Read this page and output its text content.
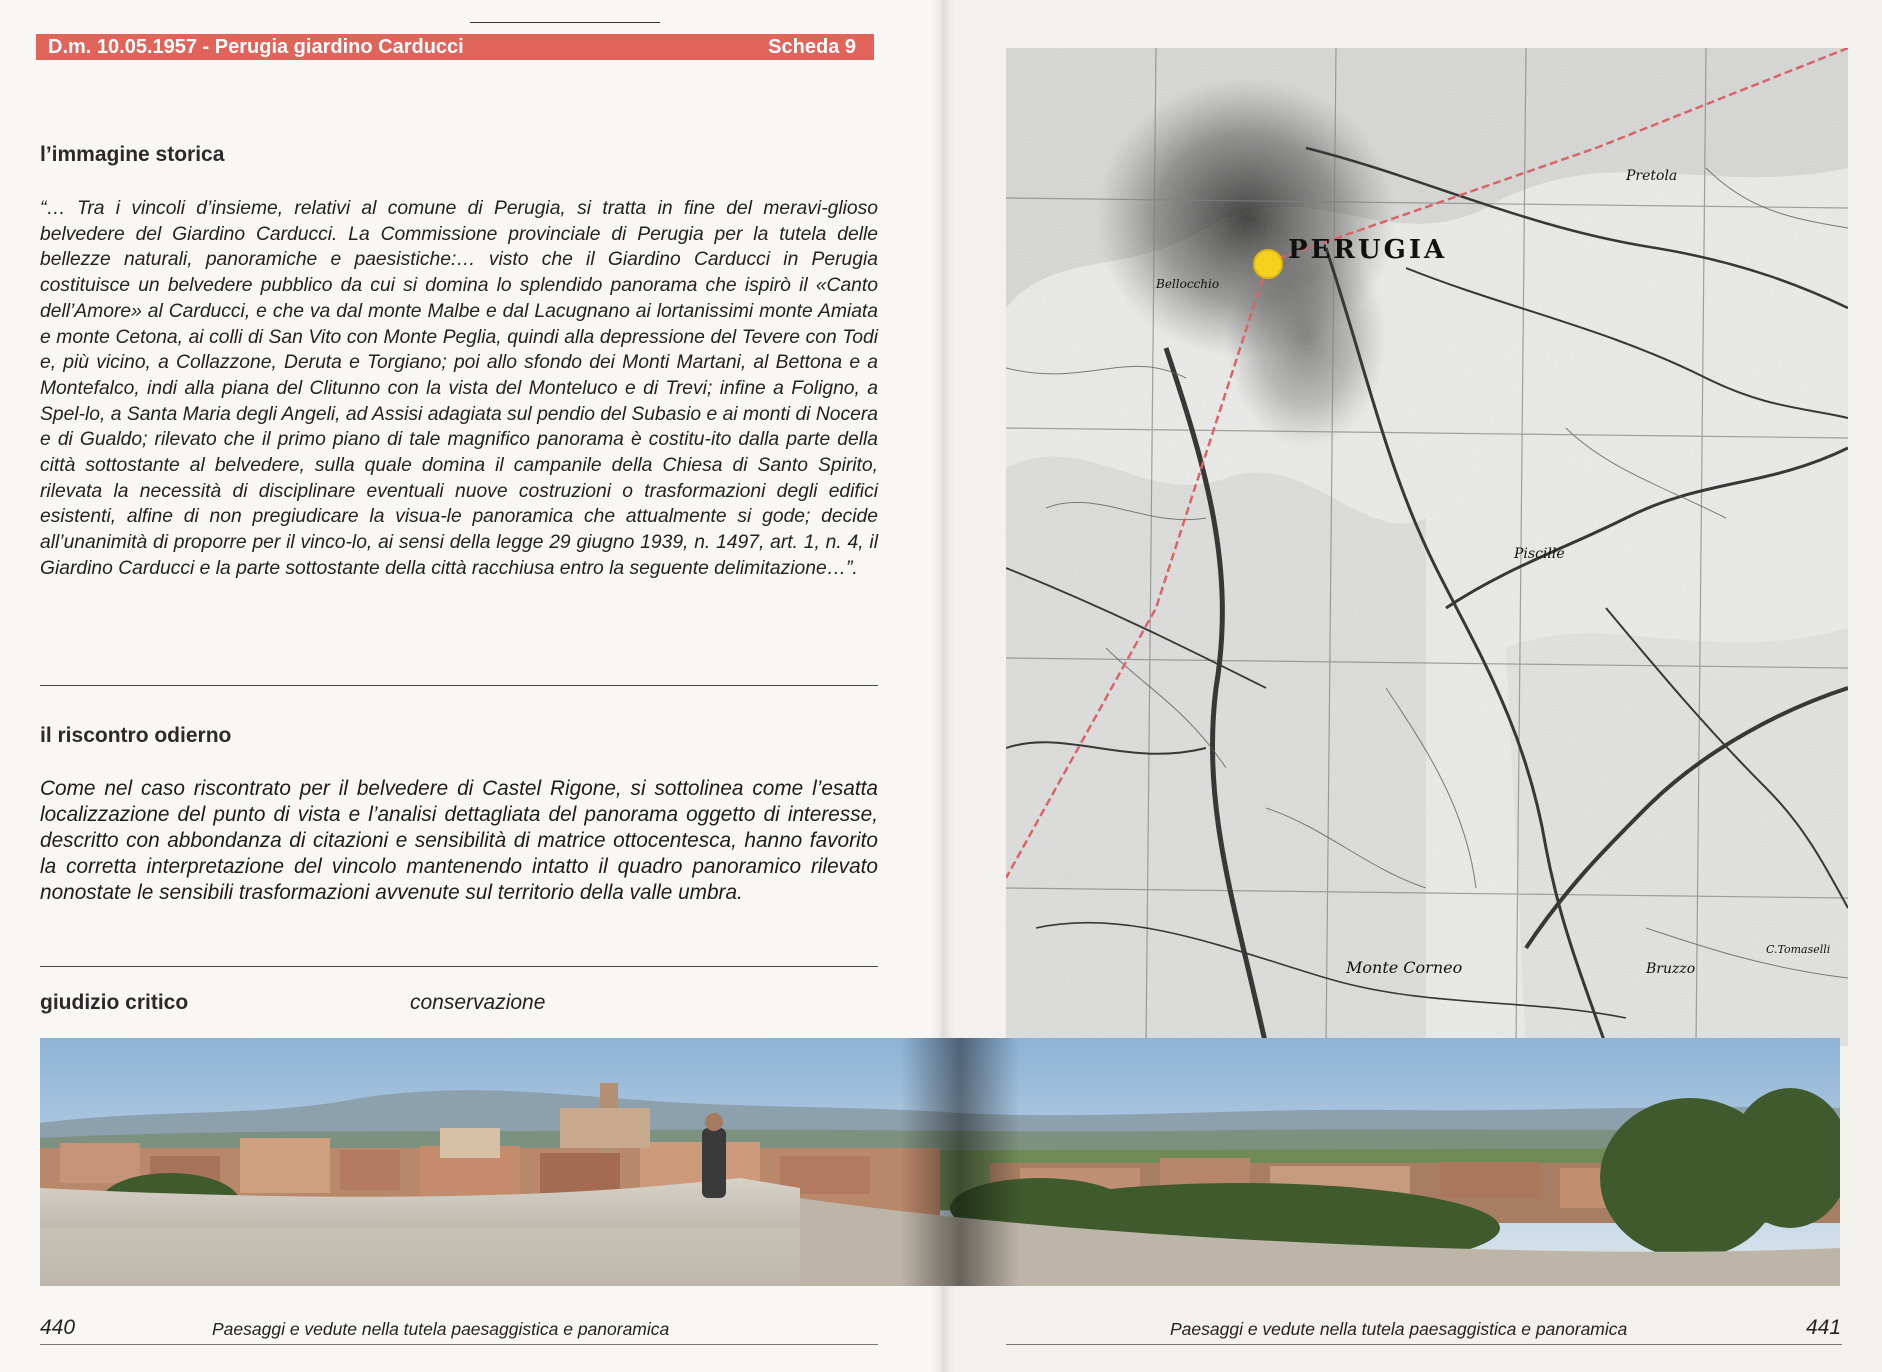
D.m. 10.05.1957 - Perugia giardino Carducci	Scheda 9
l’immagine storica
“… Tra i vincoli d’insieme, relativi al comune di Perugia, si tratta in fine del meravi-glioso belvedere del Giardino Carducci. La Commissione provinciale di Perugia per la tutela delle bellezze naturali, panoramiche e paesistiche:… visto che il Giardino Carducci in Perugia costituisce un belvedere pubblico da cui si domina lo splendido panorama che ispirò il «Canto dell’Amore» al Carducci, e che va dal monte Malbe e dal Lacugnano ai lortanissimi monte Amiata e monte Cetona, ai colli di San Vito con Monte Peglia, quindi alla depressione del Tevere con Todi e, più vicino, a Collazzone, Deruta e Torgiano; poi allo sfondo dei Monti Martani, al Bettona e a Montefalco, indi alla piana del Clitunno con la vista del Monteluco e di Trevi; infine a Foligno, a Spel-lo, a Santa Maria degli Angeli, ad Assisi adagiata sul pendio del Subasio e ai monti di Nocera e di Gualdo; rilevato che il primo piano di tale magnifico panorama è costitu-ito dalla parte della città sottostante al belvedere, sulla quale domina il campanile della Chiesa di Santo Spirito, rilevata la necessità di disciplinare eventuali nuove costruzioni o trasformazioni degli edifici esistenti, alfine di non pregiudicare la visua-le panoramica che attualmente si gode; decide all’unanimità di proporre per il vinco-lo, ai sensi della legge 29 giugno 1939, n. 1497, art. 1, n. 4, il Giardino Carducci e la parte sottostante della città racchiusa entro la seguente delimitazione…”.
il riscontro odierno
Come nel caso riscontrato per il belvedere di Castel Rigone, si sottolinea come l’esatta localizzazione del punto di vista e l’analisi dettagliata del panorama oggetto di interesse, descritto con abbondanza di citazioni e sensibilità di matrice ottocentesca, hanno favorito la corretta interpretazione del vincolo mantenendo intatto il quadro panoramico rilevato nonostate le sensibili trasformazioni avvenute sul territorio della valle umbra.
giudizio critico	conservazione
PERUGIA
Monte Corneo	Bruzzo
Piscille
Pretola
Bellocchio
C.Tomaselli
440	Paesaggi e vedute nella tutela paesaggistica e panoramica	Paesaggi e vedute nella tutela paesaggistica e panoramica	441
